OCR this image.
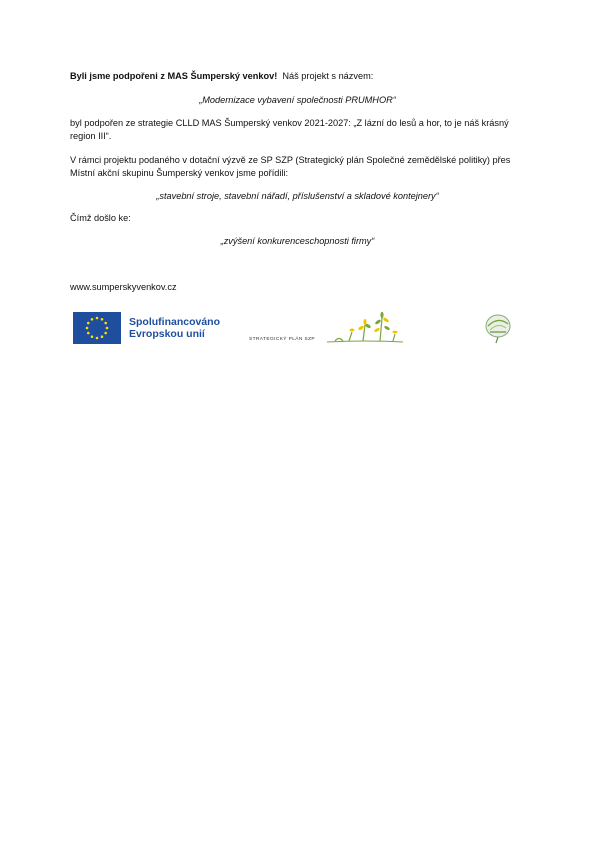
Byli jsme podpořeni z MAS Šumperský venkov! Náš projekt s názvem:

„Modernizace vybavení společnosti PRUMHOR“

byl podpořen ze strategie CLLD MAS Šumperský venkov 2021-2027: „Z lázní do lesů a hor, to je náš krásný region III“.

V rámci projektu podaného v dotační výzvě ze SP SZP (Strategický plán Společné zemědělské politiky) přes Místní akční skupinu Šumperský venkov jsme pořídili:

„stavební stroje, stavební nářadí, příslušenství a skladové kontejnery“

Čímž došlo ke:

„zvýšení konkurenceschopnosti firmy“

www.sumperskyvenkov.cz

Spolufinancováno
Evropskou unií	STRATEGICKÝ PLÁN SZP
